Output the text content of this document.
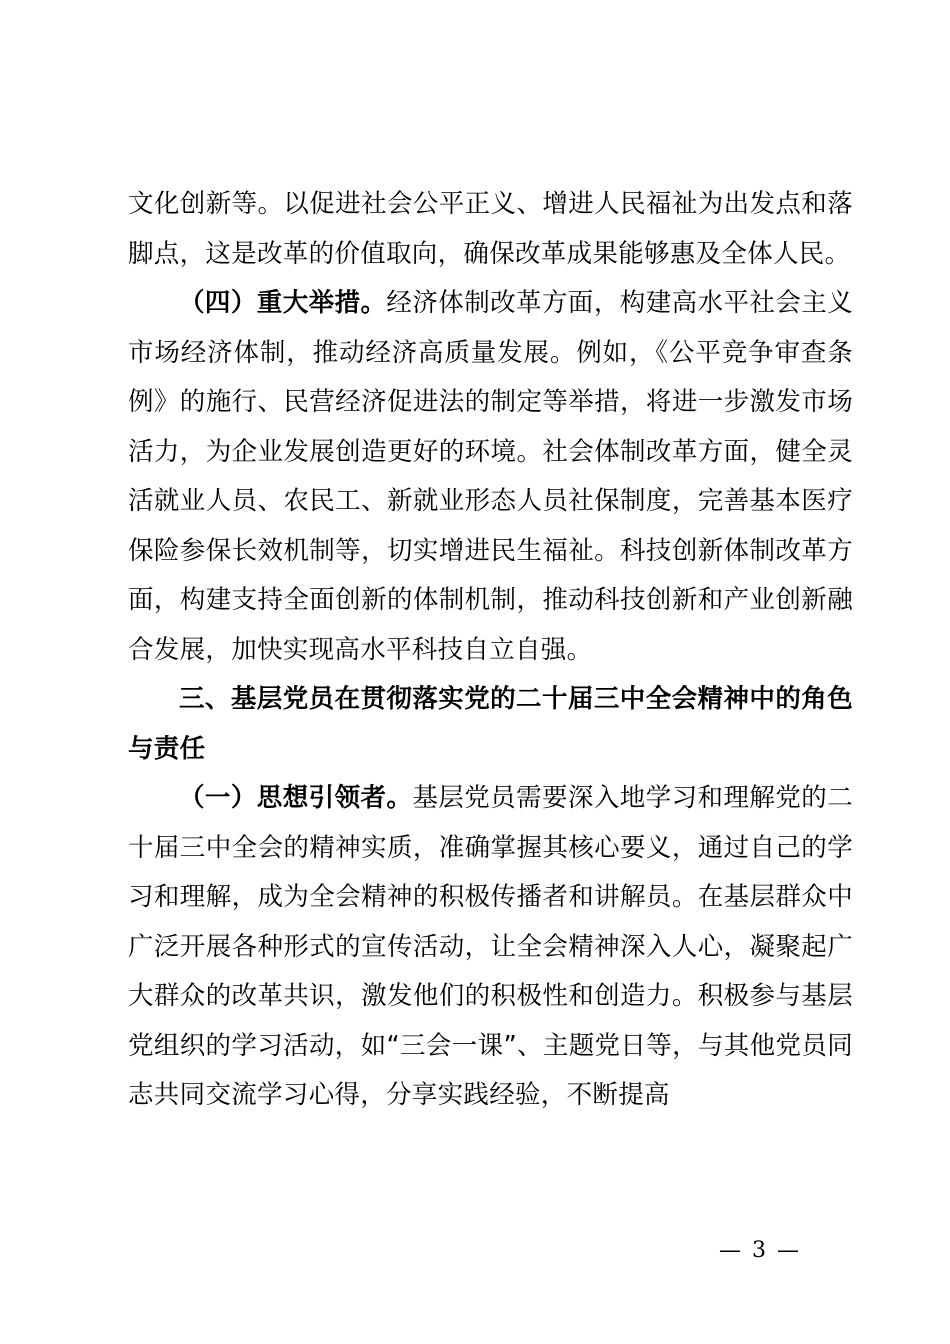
文化创新等。以促进社会公平正义、增进人民福祉为出发点和落脚点，这是改革的价值取向，确保改革成果能够惠及全体人民。

（四）重大举措。经济体制改革方面，构建高水平社会主义市场经济体制，推动经济高质量发展。例如，《公平竞争审查条例》的施行、民营经济促进法的制定等举措，将进一步激发市场活力，为企业发展创造更好的环境。社会体制改革方面，健全灵活就业人员、农民工、新就业形态人员社保制度，完善基本医疗保险参保长效机制等，切实增进民生福祉。科技创新体制改革方面，构建支持全面创新的体制机制，推动科技创新和产业创新融合发展，加快实现高水平科技自立自强。

三、基层党员在贯彻落实党的二十届三中全会精神中的角色与责任

（一）思想引领者。基层党员需要深入地学习和理解党的二十届三中全会的精神实质，准确掌握其核心要义，通过自己的学习和理解，成为全会精神的积极传播者和讲解员。在基层群众中广泛开展各种形式的宣传活动，让全会精神深入人心，凝聚起广大群众的改革共识，激发他们的积极性和创造力。积极参与基层党组织的学习活动，如“三会一课”、主题党日等，与其他党员同志共同交流学习心得，分享实践经验，不断提高

— 3 —
